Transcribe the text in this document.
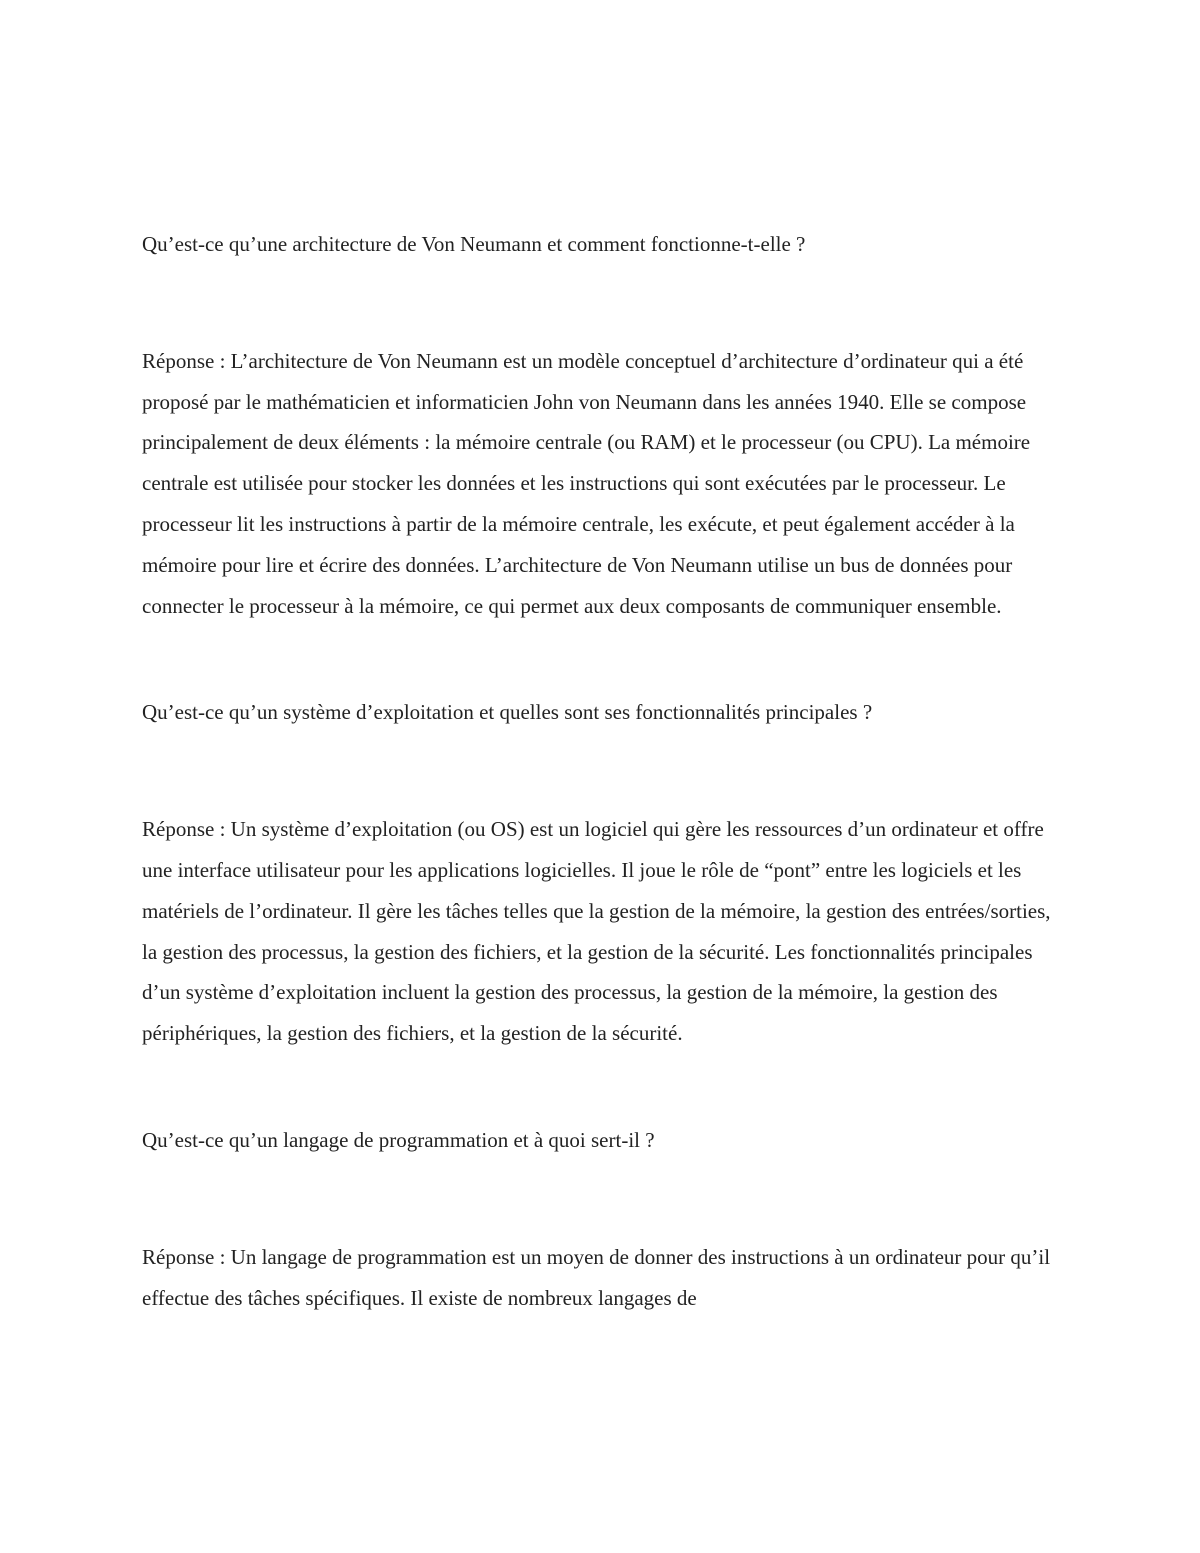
Qu’est-ce qu’une architecture de Von Neumann et comment fonctionne-t-elle ?

Réponse : L’architecture de Von Neumann est un modèle conceptuel d’architecture d’ordinateur qui a été proposé par le mathématicien et informaticien John von Neumann dans les années 1940. Elle se compose principalement de deux éléments : la mémoire centrale (ou RAM) et le processeur (ou CPU). La mémoire centrale est utilisée pour stocker les données et les instructions qui sont exécutées par le processeur. Le processeur lit les instructions à partir de la mémoire centrale, les exécute, et peut également accéder à la mémoire pour lire et écrire des données. L’architecture de Von Neumann utilise un bus de données pour connecter le processeur à la mémoire, ce qui permet aux deux composants de communiquer ensemble.

Qu’est-ce qu’un système d’exploitation et quelles sont ses fonctionnalités principales ?

Réponse : Un système d’exploitation (ou OS) est un logiciel qui gère les ressources d’un ordinateur et offre une interface utilisateur pour les applications logicielles. Il joue le rôle de “pont” entre les logiciels et les matériels de l’ordinateur. Il gère les tâches telles que la gestion de la mémoire, la gestion des entrées/sorties, la gestion des processus, la gestion des fichiers, et la gestion de la sécurité. Les fonctionnalités principales d’un système d’exploitation incluent la gestion des processus, la gestion de la mémoire, la gestion des périphériques, la gestion des fichiers, et la gestion de la sécurité.

Qu’est-ce qu’un langage de programmation et à quoi sert-il ?

Réponse : Un langage de programmation est un moyen de donner des instructions à un ordinateur pour qu’il effectue des tâches spécifiques. Il existe de nombreux langages de
